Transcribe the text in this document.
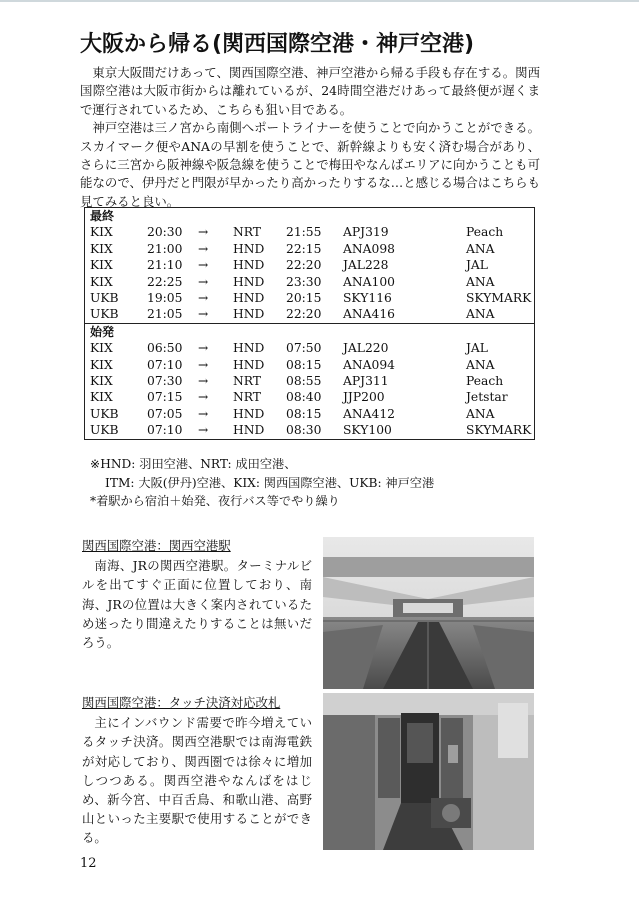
大阪から帰る(関西国際空港・神戸空港)

東京大阪間だけあって、関西国際空港、神戸空港から帰る手段も存在する。関西国際空港は大阪市街からは離れているが、24時間空港だけあって最終便が遅くまで運行されているため、こちらも狙い目である。

神戸空港は三ノ宮から南側へポートライナーを使うことで向かうことができる。スカイマーク便やANAの早割を使うことで、新幹線よりも安く済む場合があり、さらに三宮から阪神線や阪急線を使うことで梅田やなんばエリアに向かうことも可能なので、伊丹だと門限が早かったり高かったりするな…と感じる場合はこちらも見てみると良い。

最終						
KIX	20:30	→	NRT	21:55	APJ319	Peach
KIX	21:00	→	HND	22:15	ANA098	ANA
KIX	21:10	→	HND	22:20	JAL228	JAL
KIX	22:25	→	HND	23:30	ANA100	ANA
UKB	19:05	→	HND	20:15	SKY116	SKYMARK
UKB	21:05	→	HND	22:20	ANA416	ANA
始発						
KIX	06:50	→	HND	07:50	JAL220	JAL
KIX	07:10	→	HND	08:15	ANA094	ANA
KIX	07:30	→	NRT	08:55	APJ311	Peach
KIX	07:15	→	NRT	08:40	JJP200	Jetstar
UKB	07:05	→	HND	08:15	ANA412	ANA
UKB	07:10	→	HND	08:30	SKY100	SKYMARK
※HND: 羽田空港、NRT: 成田空港、
ITM: 大阪(伊丹)空港、KIX: 関西国際空港、UKB: 神戸空港
*着駅から宿泊＋始発、夜行バス等でやり繰り
関西国際空港：関西空港駅
南海、JRの関西空港駅。ターミナルビルを出てすぐ正面に位置しており、南海、JRの位置は大きく案内されているため迷ったり間違えたりすることは無いだろう。
関西国際空港：タッチ決済対応改札
主にインバウンド需要で昨今増えているタッチ決済。関西空港駅では南海電鉄が対応しており、関西圏では徐々に増加しつつある。関西空港やなんばをはじめ、新今宮、中百舌鳥、和歌山港、高野山といった主要駅で使用することができる。
12
